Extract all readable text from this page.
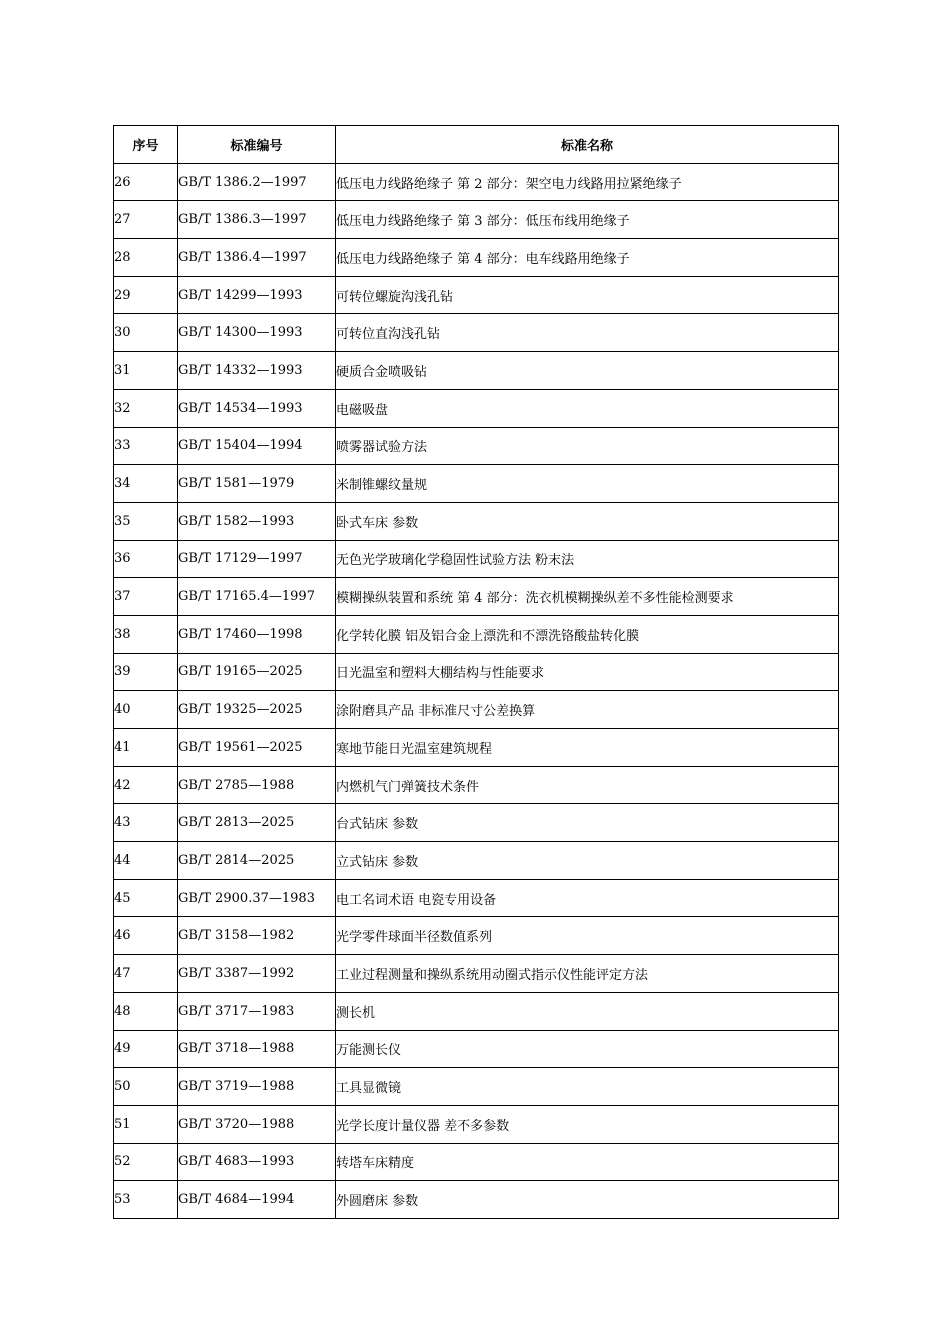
序号	标准编号	标准名称
26	GB/T 1386.2—1997	低压电力线路绝缘子 第 2 部分：架空电力线路用拉紧绝缘子
27	GB/T 1386.3—1997	低压电力线路绝缘子 第 3 部分：低压布线用绝缘子
28	GB/T 1386.4—1997	低压电力线路绝缘子 第 4 部分：电车线路用绝缘子
29	GB/T 14299—1993	可转位螺旋沟浅孔钻
30	GB/T 14300—1993	可转位直沟浅孔钻
31	GB/T 14332—1993	硬质合金喷吸钻
32	GB/T 14534—1993	电磁吸盘
33	GB/T 15404—1994	喷雾器试验方法
34	GB/T 1581—1979	米制锥螺纹量规
35	GB/T 1582—1993	卧式车床 参数
36	GB/T 17129—1997	无色光学玻璃化学稳固性试验方法 粉末法
37	GB/T 17165.4—1997	模糊操纵装置和系统 第 4 部分：洗衣机模糊操纵差不多性能检测要求
38	GB/T 17460—1998	化学转化膜 铝及铝合金上漂洗和不漂洗铬酸盐转化膜
39	GB/T 19165—2025	日光温室和塑料大棚结构与性能要求
40	GB/T 19325—2025	涂附磨具产品 非标准尺寸公差换算
41	GB/T 19561—2025	寒地节能日光温室建筑规程
42	GB/T 2785—1988	内燃机气门弹簧技术条件
43	GB/T 2813—2025	台式钻床 参数
44	GB/T 2814—2025	立式钻床 参数
45	GB/T 2900.37—1983	电工名词术语 电瓷专用设备
46	GB/T 3158—1982	光学零件球面半径数值系列
47	GB/T 3387—1992	工业过程测量和操纵系统用动圈式指示仪性能评定方法
48	GB/T 3717—1983	测长机
49	GB/T 3718—1988	万能测长仪
50	GB/T 3719—1988	工具显微镜
51	GB/T 3720—1988	光学长度计量仪器 差不多参数
52	GB/T 4683—1993	转塔车床精度
53	GB/T 4684—1994	外圆磨床 参数
